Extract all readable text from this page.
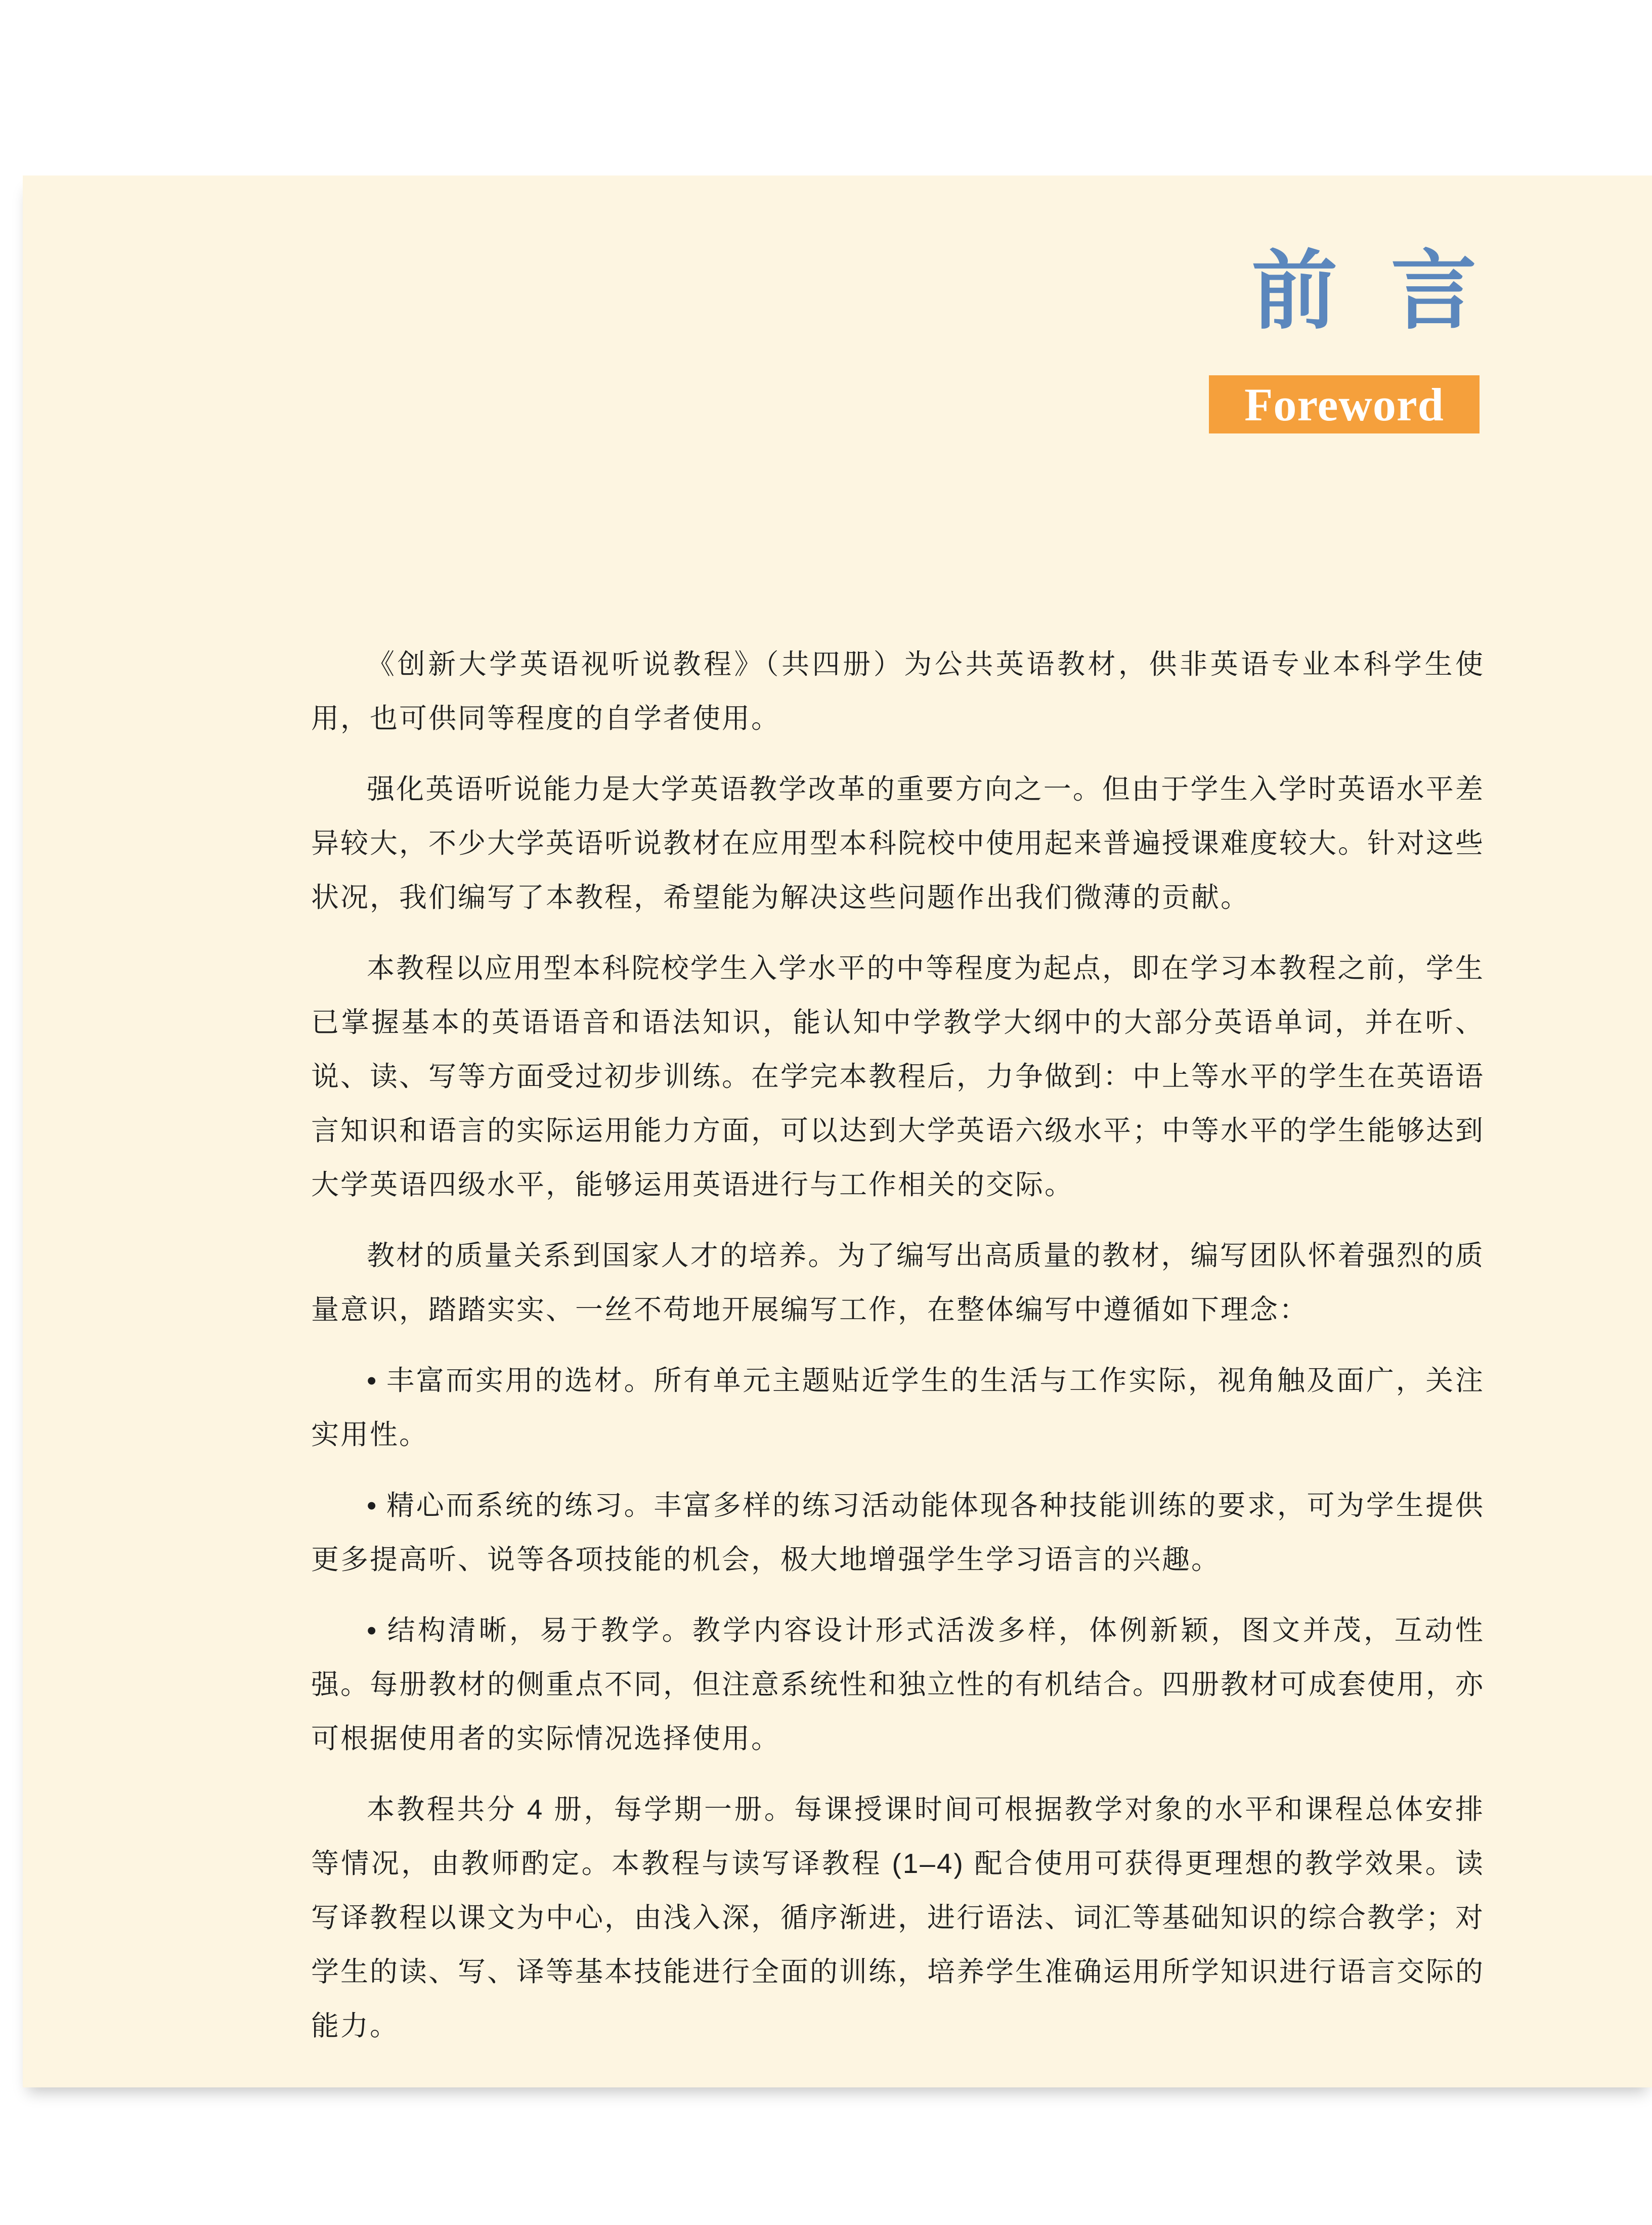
前言
Foreword

《创新大学英语视听说教程》（共四册）为公共英语教材，供非英语专业本科学生使用，也可供同等程度的自学者使用。

强化英语听说能力是大学英语教学改革的重要方向之一。但由于学生入学时英语水平差异较大，不少大学英语听说教材在应用型本科院校中使用起来普遍授课难度较大。针对这些状况，我们编写了本教程，希望能为解决这些问题作出我们微薄的贡献。

本教程以应用型本科院校学生入学水平的中等程度为起点，即在学习本教程之前，学生已掌握基本的英语语音和语法知识，能认知中学教学大纲中的大部分英语单词，并在听、说、读、写等方面受过初步训练。在学完本教程后，力争做到：中上等水平的学生在英语语言知识和语言的实际运用能力方面，可以达到大学英语六级水平；中等水平的学生能够达到大学英语四级水平，能够运用英语进行与工作相关的交际。

教材的质量关系到国家人才的培养。为了编写出高质量的教材，编写团队怀着强烈的质量意识，踏踏实实、一丝不苟地开展编写工作，在整体编写中遵循如下理念：

• 丰富而实用的选材。所有单元主题贴近学生的生活与工作实际，视角触及面广，关注实用性。

• 精心而系统的练习。丰富多样的练习活动能体现各种技能训练的要求，可为学生提供更多提高听、说等各项技能的机会，极大地增强学生学习语言的兴趣。

• 结构清晰，易于教学。教学内容设计形式活泼多样，体例新颖，图文并茂，互动性强。每册教材的侧重点不同，但注意系统性和独立性的有机结合。四册教材可成套使用，亦可根据使用者的实际情况选择使用。

本教程共分 4 册，每学期一册。每课授课时间可根据教学对象的水平和课程总体安排等情况，由教师酌定。本教程与读写译教程 (1–4) 配合使用可获得更理想的教学效果。读写译教程以课文为中心，由浅入深，循序渐进，进行语法、词汇等基础知识的综合教学；对学生的读、写、译等基本技能进行全面的训练，培养学生准确运用所学知识进行语言交际的能力。
